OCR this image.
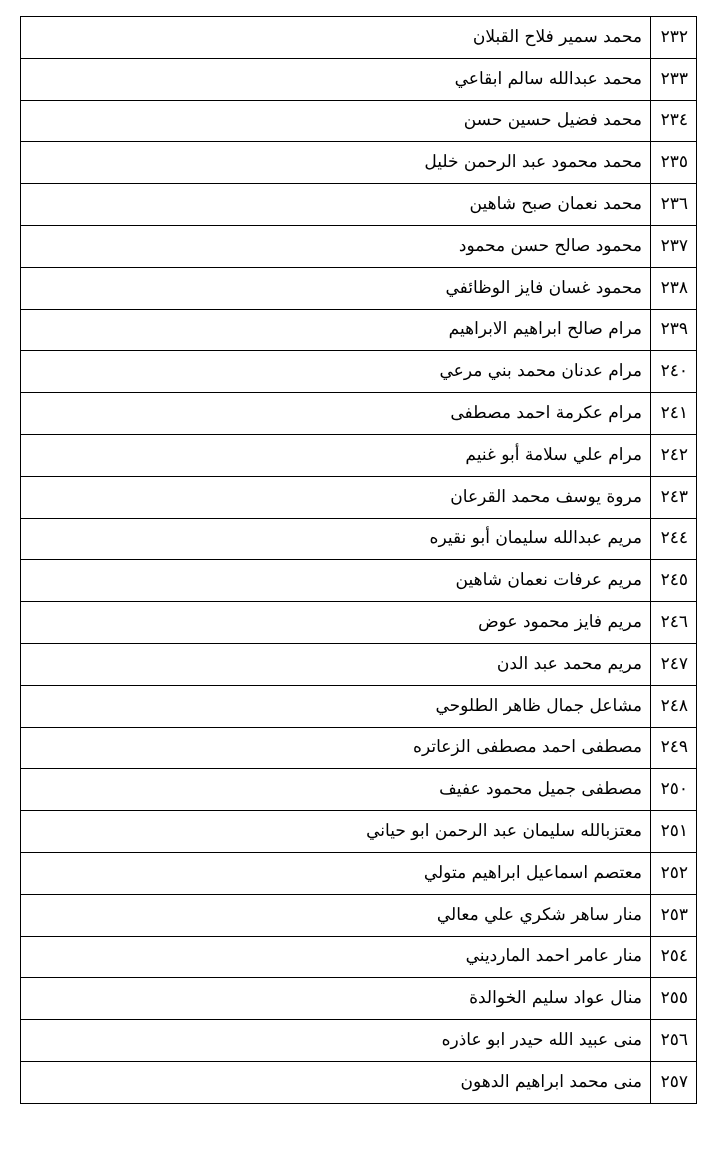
٢٣٢	محمد سمير فلاح القبلان
٢٣٣	محمد عبدالله سالم ابقاعي
٢٣٤	محمد فضيل حسين حسن
٢٣٥	محمد محمود عبد الرحمن خليل
٢٣٦	محمد نعمان صبح شاهين
٢٣٧	محمود صالح حسن محمود
٢٣٨	محمود غسان فايز الوظائفي
٢٣٩	مرام صالح ابراهيم الابراهيم
٢٤٠	مرام عدنان محمد بني مرعي
٢٤١	مرام عكرمة احمد مصطفى
٢٤٢	مرام علي سلامة أبو غنيم
٢٤٣	مروة يوسف محمد القرعان
٢٤٤	مريم عبدالله سليمان أبو نقيره
٢٤٥	مريم عرفات نعمان شاهين
٢٤٦	مريم فايز محمود عوض
٢٤٧	مريم محمد عبد الدن
٢٤٨	مشاعل جمال ظاهر الطلوحي
٢٤٩	مصطفى احمد مصطفى الزعاتره
٢٥٠	مصطفى جميل محمود عفيف
٢٥١	معتزبالله سليمان عبد الرحمن ابو حياني
٢٥٢	معتصم اسماعيل ابراهيم متولي
٢٥٣	منار ساهر شكري علي معالي
٢٥٤	منار عامر احمد المارديني
٢٥٥	منال عواد سليم الخوالدة
٢٥٦	منى عبيد الله حيدر ابو عاذره
٢٥٧	منى محمد ابراهيم الدهون
